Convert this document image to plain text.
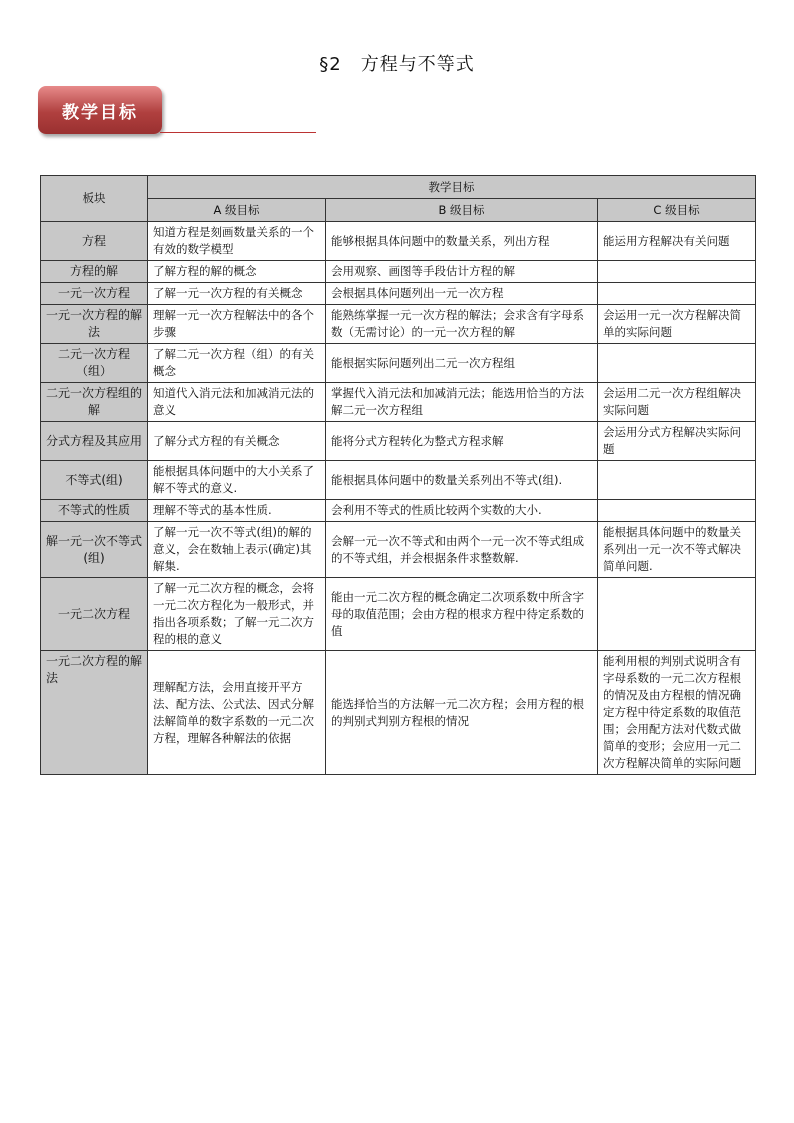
§2　方程与不等式
教学目标
板块	教学目标		
	A 级目标	B 级目标	C 级目标
方程	知道方程是刻画数量关系的一个有效的数学模型	能够根据具体问题中的数量关系，列出方程	能运用方程解决有关问题
方程的解	了解方程的解的概念	会用观察、画图等手段估计方程的解	
一元一次方程	了解一元一次方程的有关概念	会根据具体问题列出一元一次方程	
一元一次方程的解法	理解一元一次方程解法中的各个步骤	能熟练掌握一元一次方程的解法；会求含有字母系数（无需讨论）的一元一次方程的解	会运用一元一次方程解决简单的实际问题
二元一次方程（组）	了解二元一次方程（组）的有关概念	能根据实际问题列出二元一次方程组	
二元一次方程组的解	知道代入消元法和加减消元法的意义	掌握代入消元法和加减消元法；能选用恰当的方法解二元一次方程组	会运用二元一次方程组解决实际问题
分式方程及其应用	了解分式方程的有关概念	能将分式方程转化为整式方程求解	会运用分式方程解决实际问题
不等式(组)	能根据具体问题中的大小关系了解不等式的意义.	能根据具体问题中的数量关系列出不等式(组).	
不等式的性质	理解不等式的基本性质.	会利用不等式的性质比较两个实数的大小.	
解一元一次不等式(组)	了解一元一次不等式(组)的解的意义，会在数轴上表示(确定)其解集.	会解一元一次不等式和由两个一元一次不等式组成的不等式组，并会根据条件求整数解.	能根据具体问题中的数量关系列出一元一次不等式解决简单问题.
一元二次方程	了解一元二次方程的概念，会将一元二次方程化为一般形式，并指出各项系数；了解一元二次方程的根的意义	能由一元二次方程的概念确定二次项系数中所含字母的取值范围；会由方程的根求方程中待定系数的值	
一元二次方程的解法	理解配方法，会用直接开平方法、配方法、公式法、因式分解法解简单的数字系数的一元二次方程，理解各种解法的依据	能选择恰当的方法解一元二次方程；会用方程的根的判别式判别方程根的情况	能利用根的判别式说明含有字母系数的一元二次方程根的情况及由方程根的情况确定方程中待定系数的取值范围；会用配方法对代数式做简单的变形；会应用一元二次方程解决简单的实际问题
